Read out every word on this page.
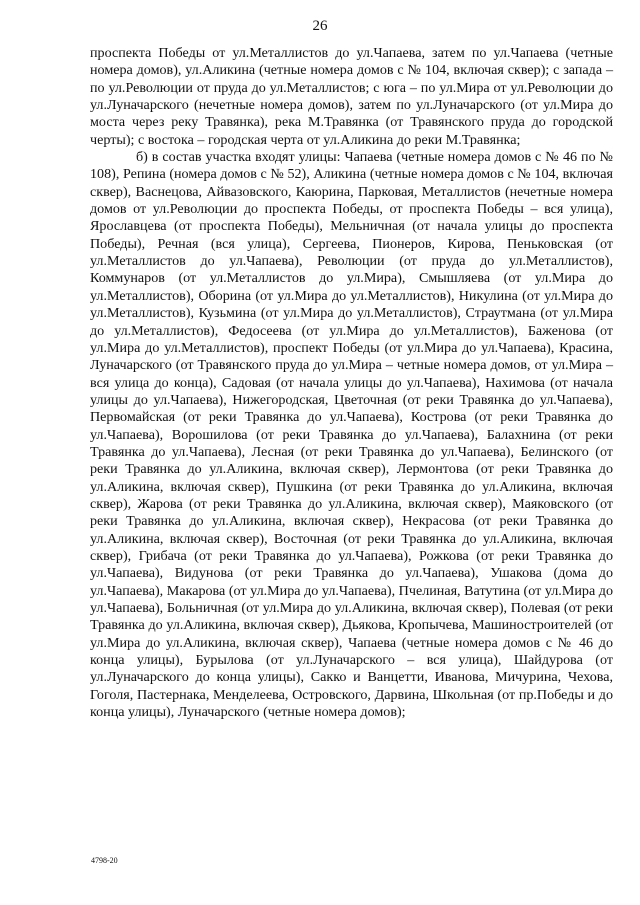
26

проспекта Победы от ул.Металлистов до ул.Чапаева, затем по ул.Чапаева (четные номера домов), ул.Аликина (четные номера домов с № 104, включая сквер); с запада – по ул.Революции от пруда до ул.Металлистов; с юга – по ул.Мира от ул.Революции до ул.Луначарского (нечетные номера домов), затем по ул.Луначарского (от ул.Мира до моста через реку Травянка), река М.Травянка (от Травянского пруда до городской черты); с востока – городская черта от ул.Аликина до реки М.Травянка;

б) в состав участка входят улицы: Чапаева (четные номера домов с № 46 по № 108), Репина (номера домов с № 52), Аликина (четные номера домов с № 104, включая сквер), Васнецова, Айвазовского, Каюрина, Парковая, Металлистов (нечетные номера домов от ул.Революции до проспекта Победы, от проспекта Победы – вся улица), Ярославцева (от проспекта Победы), Мельничная (от начала улицы до проспекта Победы), Речная (вся улица), Сергеева, Пионеров, Кирова, Пеньковская (от ул.Металлистов до ул.Чапаева), Революции (от пруда до ул.Металлистов), Коммунаров (от ул.Металлистов до ул.Мира), Смышляева (от ул.Мира до ул.Металлистов), Оборина (от ул.Мира до ул.Металлистов), Никулина (от ул.Мира до ул.Металлистов), Кузьмина (от ул.Мира до ул.Металлистов), Страутмана (от ул.Мира до ул.Металлистов), Федосеева (от ул.Мира до ул.Металлистов), Баженова (от ул.Мира до ул.Металлистов), проспект Победы (от ул.Мира до ул.Чапаева), Красина, Луначарского (от Травянского пруда до ул.Мира – четные номера домов, от ул.Мира – вся улица до конца), Садовая (от начала улицы до ул.Чапаева), Нахимова (от начала улицы до ул.Чапаева), Нижегородская, Цветочная (от реки Травянка до ул.Чапаева), Первомайская (от реки Травянка до ул.Чапаева), Кострова (от реки Травянка до ул.Чапаева), Ворошилова (от реки Травянка до ул.Чапаева), Балахнина (от реки Травянка до ул.Чапаева), Лесная (от реки Травянка до ул.Чапаева), Белинского (от реки Травянка до ул.Аликина, включая сквер), Лермонтова (от реки Травянка до ул.Аликина, включая сквер), Пушкина (от реки Травянка до ул.Аликина, включая сквер), Жарова (от реки Травянка до ул.Аликина, включая сквер), Маяковского (от реки Травянка до ул.Аликина, включая сквер), Некрасова (от реки Травянка до ул.Аликина, включая сквер), Восточная (от реки Травянка до ул.Аликина, включая сквер), Грибача (от реки Травянка до ул.Чапаева), Рожкова (от реки Травянка до ул.Чапаева), Видунова (от реки Травянка до ул.Чапаева), Ушакова (дома до ул.Чапаева), Макарова (от ул.Мира до ул.Чапаева), Пчелиная, Ватутина (от ул.Мира до ул.Чапаева), Больничная (от ул.Мира до ул.Аликина, включая сквер), Полевая (от реки Травянка до ул.Аликина, включая сквер), Дьякова, Кропычева, Машиностроителей (от ул.Мира до ул.Аликина, включая сквер), Чапаева (четные номера домов с № 46 до конца улицы), Бурылова (от ул.Луначарского – вся улица), Шайдурова (от ул.Луначарского до конца улицы), Сакко и Ванцетти, Иванова, Мичурина, Чехова, Гоголя, Пастернака, Менделеева, Островского, Дарвина, Школьная (от пр.Победы и до конца улицы), Луначарского (четные номера домов);

4798-20
